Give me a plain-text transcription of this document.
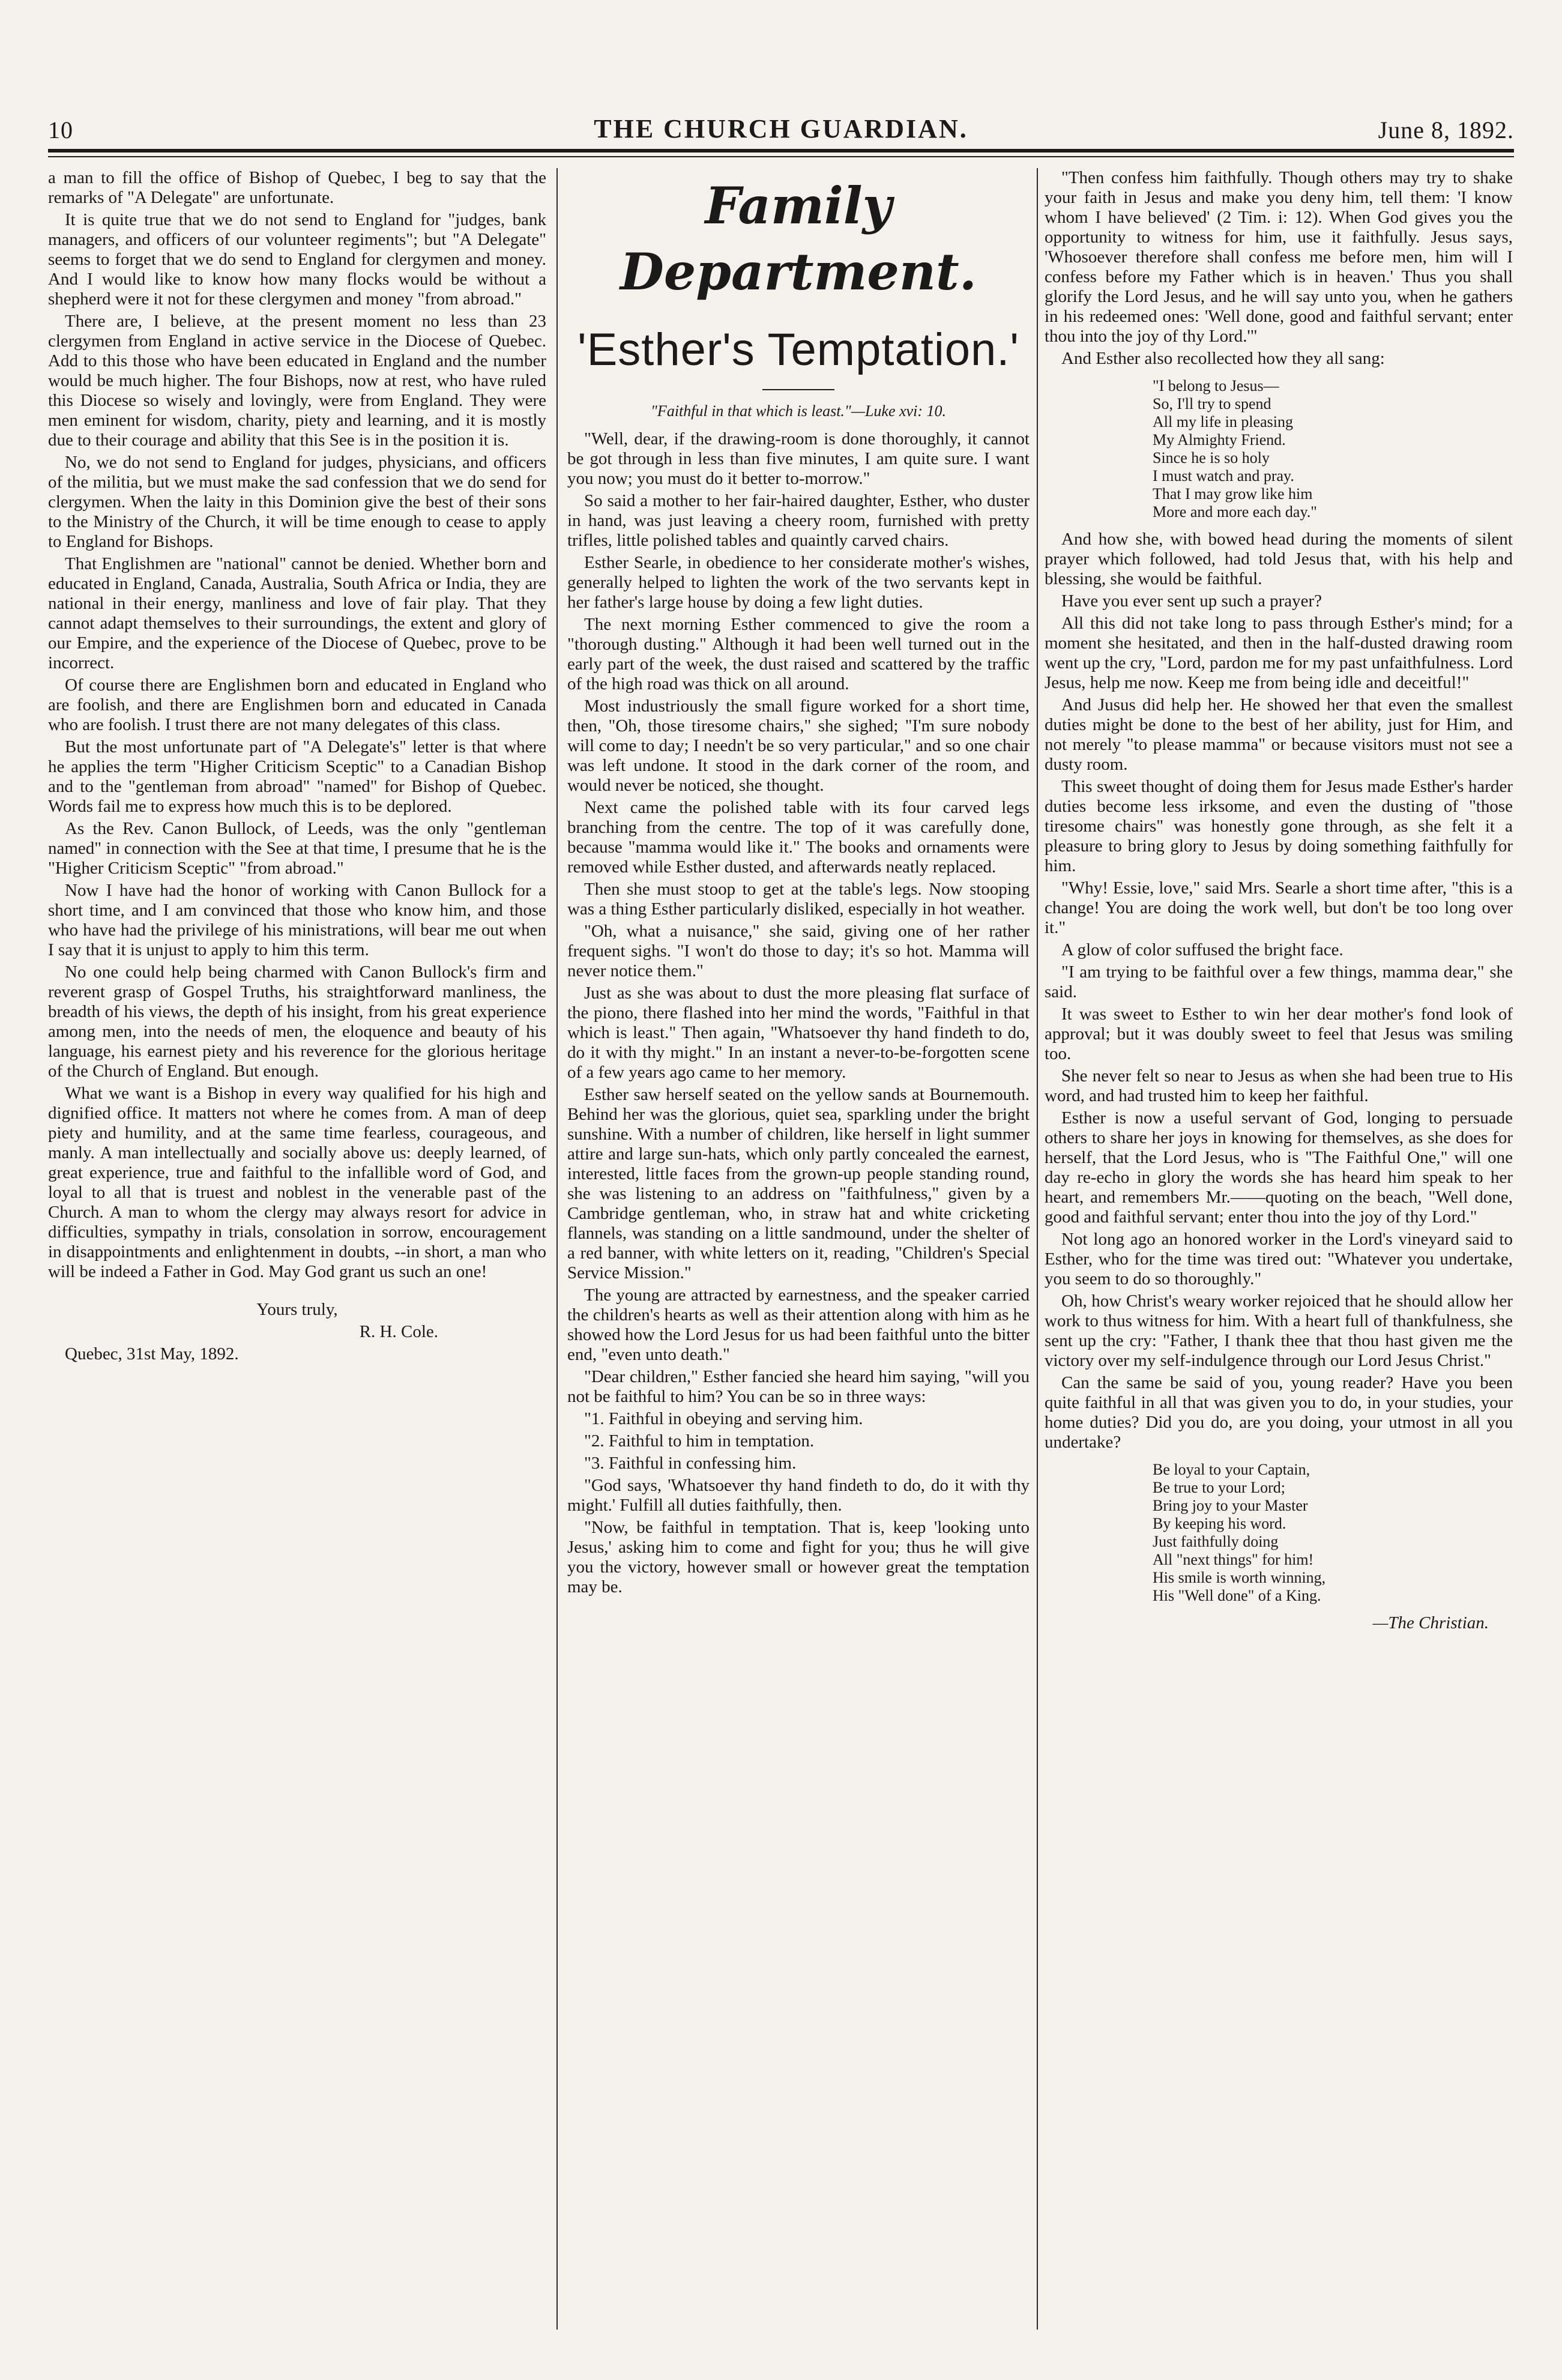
10	THE CHURCH GUARDIAN.	June 8, 1892.

a man to fill the office of Bishop of Quebec, I beg to say that the remarks of "A Delegate" are unfortunate.

It is quite true that we do not send to England for "judges, bank managers, and officers of our volunteer regiments"; but "A Delegate" seems to forget that we do send to England for clergymen and money. And I would like to know how many flocks would be without a shepherd were it not for these clergymen and money "from abroad."

There are, I believe, at the present moment no less than 23 clergymen from England in active service in the Diocese of Quebec. Add to this those who have been educated in England and the number would be much higher. The four Bishops, now at rest, who have ruled this Diocese so wisely and lovingly, were from England. They were men eminent for wisdom, charity, piety and learning, and it is mostly due to their courage and ability that this See is in the position it is.

No, we do not send to England for judges, physicians, and officers of the militia, but we must make the sad confession that we do send for clergymen. When the laity in this Dominion give the best of their sons to the Ministry of the Church, it will be time enough to cease to apply to England for Bishops.

That Englishmen are "national" cannot be denied. Whether born and educated in England, Canada, Australia, South Africa or India, they are national in their energy, manliness and love of fair play. That they cannot adapt themselves to their surroundings, the extent and glory of our Empire, and the experience of the Diocese of Quebec, prove to be incorrect.

Of course there are Englishmen born and educated in England who are foolish, and there are Englishmen born and educated in Canada who are foolish. I trust there are not many delegates of this class.

But the most unfortunate part of "A Delegate's" letter is that where he applies the term "Higher Criticism Sceptic" to a Canadian Bishop and to the "gentleman from abroad" "named" for Bishop of Quebec. Words fail me to express how much this is to be deplored.

As the Rev. Canon Bullock, of Leeds, was the only "gentleman named" in connection with the See at that time, I presume that he is the "Higher Criticism Sceptic" "from abroad."

Now I have had the honor of working with Canon Bullock for a short time, and I am convinced that those who know him, and those who have had the privilege of his ministrations, will bear me out when I say that it is unjust to apply to him this term.

No one could help being charmed with Canon Bullock's firm and reverent grasp of Gospel Truths, his straightforward manliness, the breadth of his views, the depth of his insight, from his great experience among men, into the needs of men, the eloquence and beauty of his language, his earnest piety and his reverence for the glorious heritage of the Church of England. But enough.

What we want is a Bishop in every way qualified for his high and dignified office. It matters not where he comes from. A man of deep piety and humility, and at the same time fearless, courageous, and manly. A man intellectually and socially above us: deeply learned, of great experience, true and faithful to the infallible word of God, and loyal to all that is truest and noblest in the venerable past of the Church. A man to whom the clergy may always resort for advice in difficulties, sympathy in trials, consolation in sorrow, encouragement in disappointments and enlightenment in doubts, --in short, a man who will be indeed a Father in God. May God grant us such an one!

Yours truly,
R. H. Cole.

Quebec, 31st May, 1892.

Family Department.
'Esther's Temptation.'
"Faithful in that which is least."—Luke xvi: 10.

"Well, dear, if the drawing-room is done thoroughly, it cannot be got through in less than five minutes, I am quite sure. I want you now; you must do it better to-morrow."

So said a mother to her fair-haired daughter, Esther, who duster in hand, was just leaving a cheery room, furnished with pretty trifles, little polished tables and quaintly carved chairs.

Esther Searle, in obedience to her considerate mother's wishes, generally helped to lighten the work of the two servants kept in her father's large house by doing a few light duties.

The next morning Esther commenced to give the room a "thorough dusting." Although it had been well turned out in the early part of the week, the dust raised and scattered by the traffic of the high road was thick on all around.

Most industriously the small figure worked for a short time, then, "Oh, those tiresome chairs," she sighed; "I'm sure nobody will come to day; I needn't be so very particular," and so one chair was left undone. It stood in the dark corner of the room, and would never be noticed, she thought.

Next came the polished table with its four carved legs branching from the centre. The top of it was carefully done, because "mamma would like it." The books and ornaments were removed while Esther dusted, and afterwards neatly replaced.

Then she must stoop to get at the table's legs. Now stooping was a thing Esther particularly disliked, especially in hot weather.

"Oh, what a nuisance," she said, giving one of her rather frequent sighs. "I won't do those to day; it's so hot. Mamma will never notice them."

Just as she was about to dust the more pleasing flat surface of the piono, there flashed into her mind the words, "Faithful in that which is least." Then again, "Whatsoever thy hand findeth to do, do it with thy might." In an instant a never-to-be-forgotten scene of a few years ago came to her memory.

Esther saw herself seated on the yellow sands at Bournemouth. Behind her was the glorious, quiet sea, sparkling under the bright sunshine. With a number of children, like herself in light summer attire and large sun-hats, which only partly concealed the earnest, interested, little faces from the grown-up people standing round, she was listening to an address on "faithfulness," given by a Cambridge gentleman, who, in straw hat and white cricketing flannels, was standing on a little sandmound, under the shelter of a red banner, with white letters on it, reading, "Children's Special Service Mission."

The young are attracted by earnestness, and the speaker carried the children's hearts as well as their attention along with him as he showed how the Lord Jesus for us had been faithful unto the bitter end, "even unto death."

"Dear children," Esther fancied she heard him saying, "will you not be faithful to him? You can be so in three ways:

"1. Faithful in obeying and serving him.

"2. Faithful to him in temptation.

"3. Faithful in confessing him.

"God says, 'Whatsoever thy hand findeth to do, do it with thy might.' Fulfill all duties faithfully, then.

"Now, be faithful in temptation. That is, keep 'looking unto Jesus,' asking him to come and fight for you; thus he will give you the victory, however small or however great the temptation may be.

"Then confess him faithfully. Though others may try to shake your faith in Jesus and make you deny him, tell them: 'I know whom I have believed' (2 Tim. i: 12). When God gives you the opportunity to witness for him, use it faithfully. Jesus says, 'Whosoever therefore shall confess me before men, him will I confess before my Father which is in heaven.' Thus you shall glorify the Lord Jesus, and he will say unto you, when he gathers in his redeemed ones: 'Well done, good and faithful servant; enter thou into the joy of thy Lord.'"

And Esther also recollected how they all sang:

"I belong to Jesus—
So, I'll try to spend
All my life in pleasing
My Almighty Friend.
Since he is so holy
I must watch and pray.
That I may grow like him
More and more each day."

And how she, with bowed head during the moments of silent prayer which followed, had told Jesus that, with his help and blessing, she would be faithful.

Have you ever sent up such a prayer?

All this did not take long to pass through Esther's mind; for a moment she hesitated, and then in the half-dusted drawing room went up the cry, "Lord, pardon me for my past unfaithfulness. Lord Jesus, help me now. Keep me from being idle and deceitful!"

And Jusus did help her. He showed her that even the smallest duties might be done to the best of her ability, just for Him, and not merely "to please mamma" or because visitors must not see a dusty room.

This sweet thought of doing them for Jesus made Esther's harder duties become less irksome, and even the dusting of "those tiresome chairs" was honestly gone through, as she felt it a pleasure to bring glory to Jesus by doing something faithfully for him.

"Why! Essie, love," said Mrs. Searle a short time after, "this is a change! You are doing the work well, but don't be too long over it."

A glow of color suffused the bright face.

"I am trying to be faithful over a few things, mamma dear," she said.

It was sweet to Esther to win her dear mother's fond look of approval; but it was doubly sweet to feel that Jesus was smiling too.

She never felt so near to Jesus as when she had been true to His word, and had trusted him to keep her faithful.

Esther is now a useful servant of God, longing to persuade others to share her joys in knowing for themselves, as she does for herself, that the Lord Jesus, who is "The Faithful One," will one day re-echo in glory the words she has heard him speak to her heart, and remembers Mr.——quoting on the beach, "Well done, good and faithful servant; enter thou into the joy of thy Lord."

Not long ago an honored worker in the Lord's vineyard said to Esther, who for the time was tired out: "Whatever you undertake, you seem to do so thoroughly."

Oh, how Christ's weary worker rejoiced that he should allow her work to thus witness for him. With a heart full of thankfulness, she sent up the cry: "Father, I thank thee that thou hast given me the victory over my self-indulgence through our Lord Jesus Christ."

Can the same be said of you, young reader? Have you been quite faithful in all that was given you to do, in your studies, your home duties? Did you do, are you doing, your utmost in all you undertake?

Be loyal to your Captain,
Be true to your Lord;
Bring joy to your Master
By keeping his word.
Just faithfully doing
All "next things" for him!
His smile is worth winning,
His "Well done" of a King.
—The Christian.
